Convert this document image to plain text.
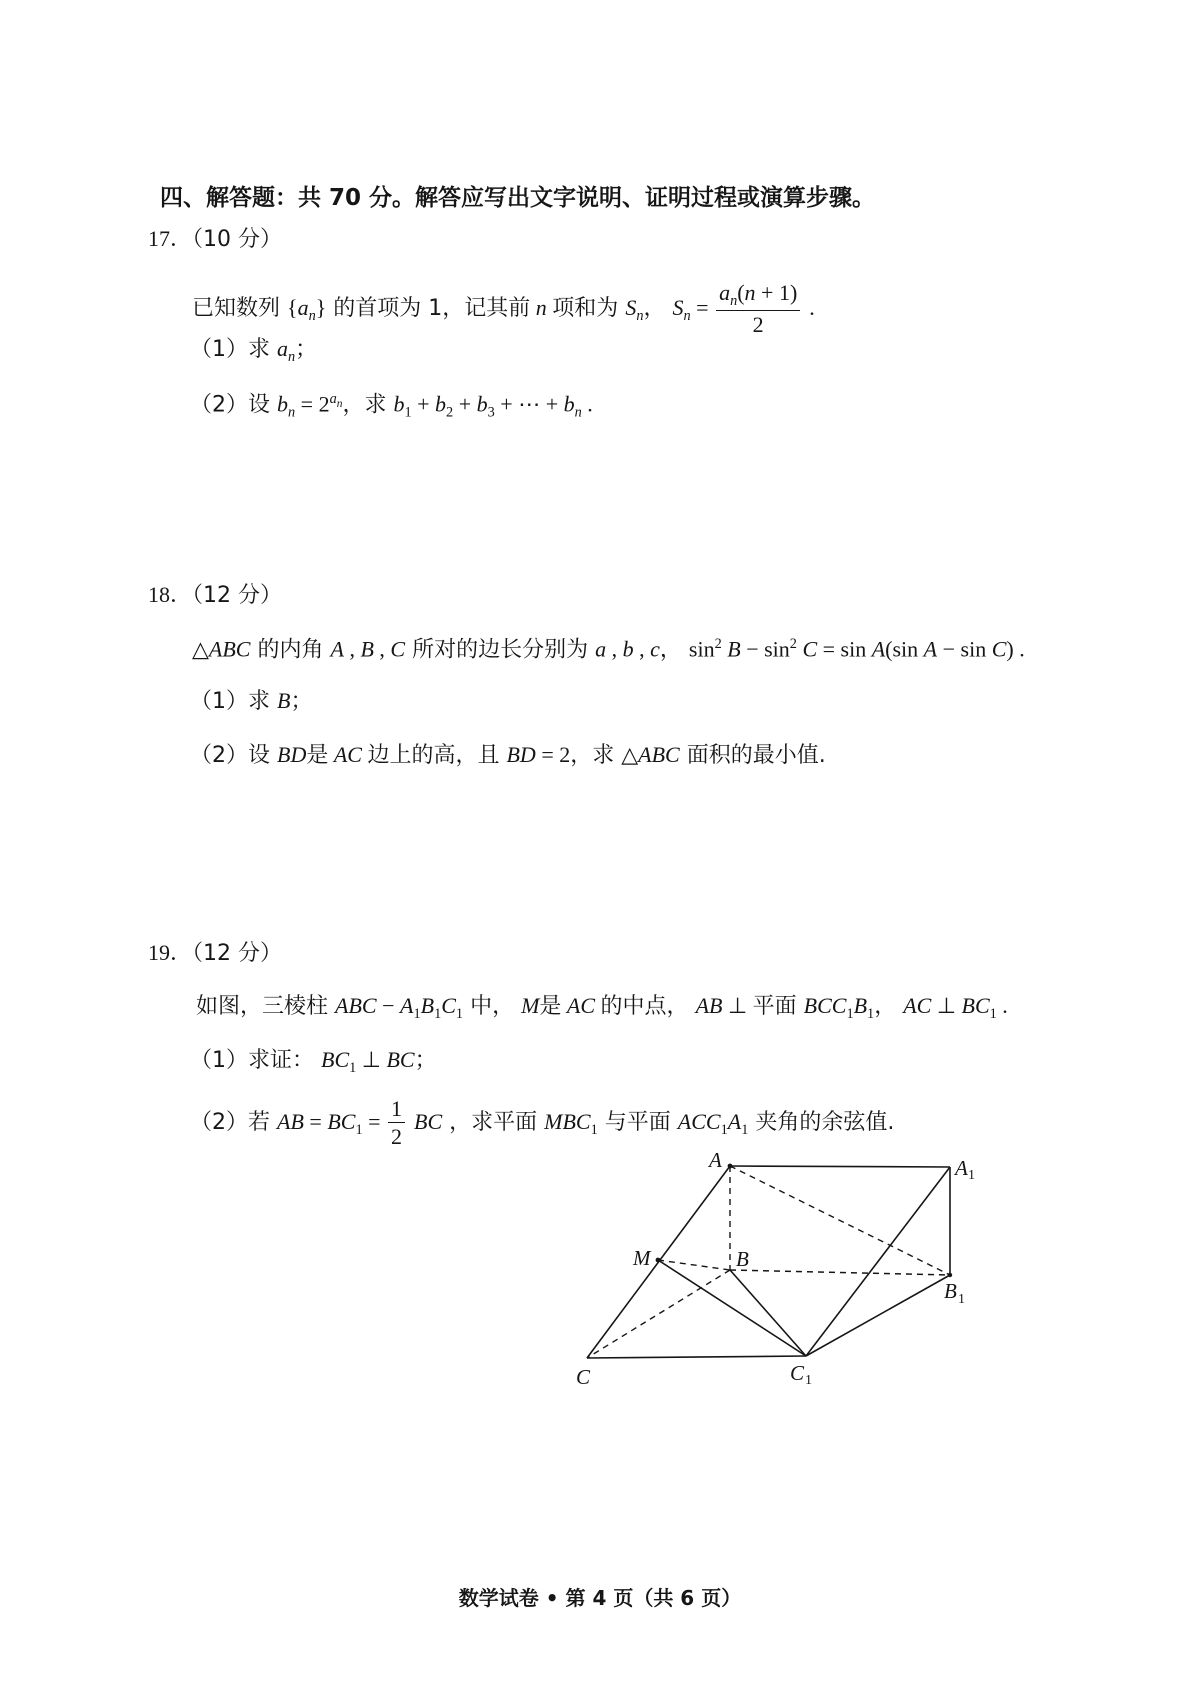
四、解答题：共 70 分。解答应写出文字说明、证明过程或演算步骤。
17．（10 分）
已知数列 $\{a_n\}$ 的首项为 1，记其前 n 项和为 $S_n$， $S_n = \frac{a_n(n + 1)}{2}$ .
（1）求 $a_n$；
（2）设 $b_n = 2^{a_n}$，求 $b_1 + b_2 + b_3$ + ⋯ + $b_n$ .
18．（12 分）
△ABC 的内角 A , B , C 所对的边长分别为 a , b , c， $\sin^2 B - \sin^2 C = \sin A(\sin$ A − sin C) .
（1）求 B；
（2）设 BD是 AC 边上的高，且 BD = 2，求 △ABC 面积的最小值.
19．（12 分）
如图，三棱柱 ABC − $A_1B_1C_1$ 中， M是 AC 的中点， AB ⊥ 平面 $BCC_1B_1$， AC ⊥ $BC_1$ .
（1）求证： $BC_1$ ⊥ BC；
（2）若 AB = $BC_1 = \frac{1}{2}$ BC ，求平面 $MBC_1$ 与平面 $ACC_1A_1$ 夹角的余弦值.
A	A 1
M	B
B 1
C	C 1
数学试卷 • 第 4 页（共 6 页）
